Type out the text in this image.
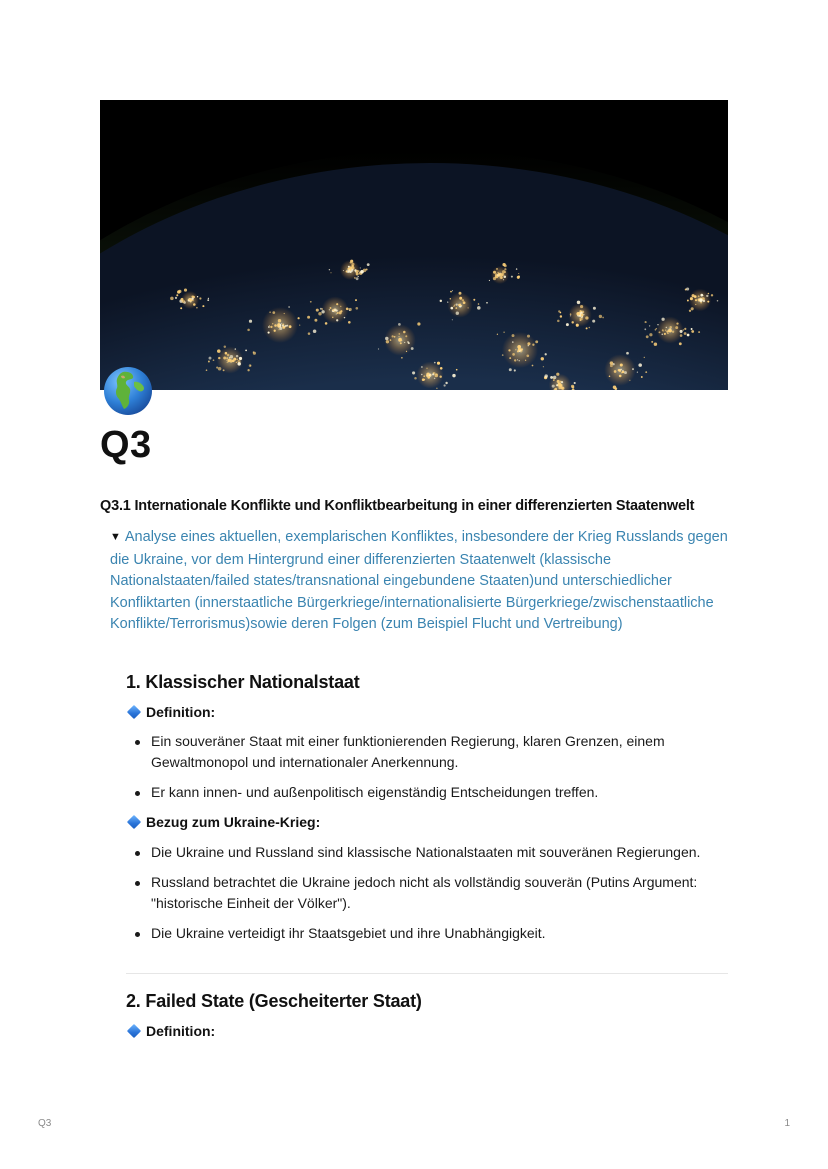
Q3
Q3.1 Internationale Konflikte und Konfliktbearbeitung in einer differenzierten Staatenwelt
▼ Analyse eines aktuellen, exemplarischen Konfliktes, insbesondere der Krieg Russlands gegen die Ukraine, vor dem Hintergrund einer differenzierten Staatenwelt (klassische Nationalstaaten/failed states/transnational eingebundene Staaten)und unterschiedlicher Konfliktarten (innerstaatliche Bürgerkriege/internationalisierte Bürgerkriege/zwischenstaatliche Konflikte/Terrorismus)sowie deren Folgen (zum Beispiel Flucht und Vertreibung)
1. Klassischer Nationalstaat
Definition:
Ein souveräner Staat mit einer funktionierenden Regierung, klaren Grenzen, einem Gewaltmonopol und internationaler Anerkennung.
Er kann innen- und außenpolitisch eigenständig Entscheidungen treffen.
Bezug zum Ukraine-Krieg:
Die Ukraine und Russland sind klassische Nationalstaaten mit souveränen Regierungen.
Russland betrachtet die Ukraine jedoch nicht als vollständig souverän (Putins Argument: "historische Einheit der Völker").
Die Ukraine verteidigt ihr Staatsgebiet und ihre Unabhängigkeit.
2. Failed State (Gescheiterter Staat)
Definition:
Q3	1
